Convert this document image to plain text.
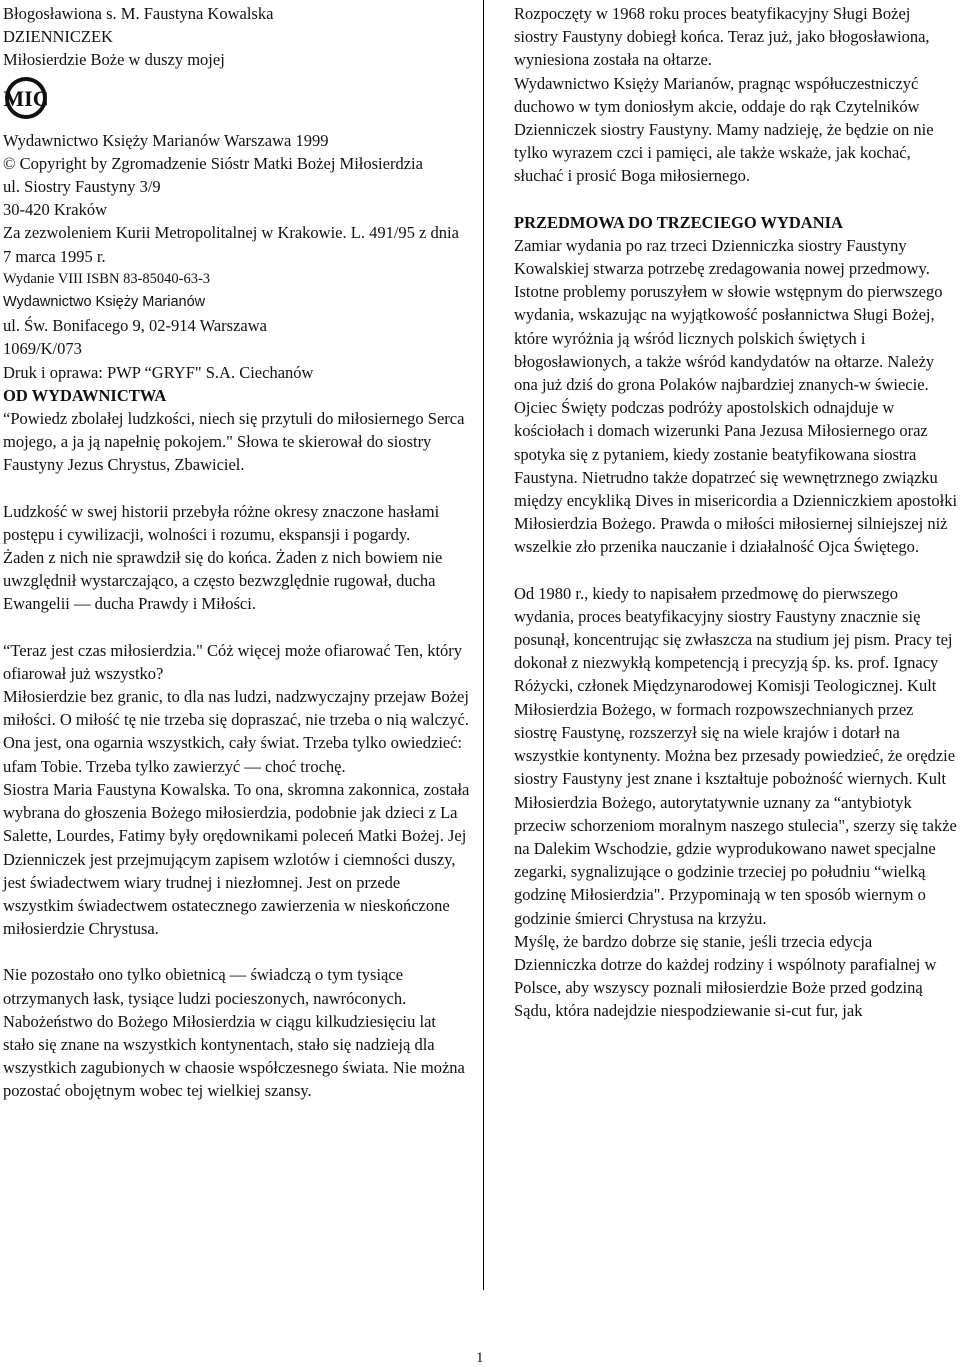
Błogosławiona s. M. Faustyna Kowalska

DZIENNICZEK

Miłosierdzie Boże w duszy mojej

MIC

Wydawnictwo Księży Marianów Warszawa 1999

© Copyright by Zgromadzenie Sióstr Matki Bożej Miłosierdzia

ul. Siostry Faustyny 3/9

30-420 Kraków

Za zezwoleniem Kurii Metropolitalnej w Krakowie. L. 491/95 z dnia 7 marca 1995 r.

Wydanie VIII ISBN 83-85040-63-3

Wydawnictwo Księży Marianów

ul. Św. Bonifacego 9, 02-914 Warszawa

1069/K/073

Druk i oprawa: PWP “GRYF" S.A. Ciechanów

OD WYDAWNICTWA

“Powiedz zbolałej ludzkości, niech się przytuli do miłosiernego Serca mojego, a ja ją napełnię pokojem." Słowa te skierował do siostry Faustyny Jezus Chrystus, Zbawiciel.

Ludzkość w swej historii przebyła różne okresy znaczone hasłami postępu i cywilizacji, wolności i rozumu, ekspansji i pogardy.

Żaden z nich nie sprawdził się do końca. Żaden z nich bowiem nie uwzględnił wystarczająco, a często bezwzględnie rugował, ducha Ewangelii — ducha Prawdy i Miłości.

“Teraz jest czas miłosierdzia." Cóż więcej może ofiarować Ten, który ofiarował już wszystko?

Miłosierdzie bez granic, to dla nas ludzi, nadzwyczajny przejaw Bożej miłości. O miłość tę nie trzeba się dopraszać, nie trzeba o nią walczyć. Ona jest, ona ogarnia wszystkich, cały świat. Trzeba tylko owiedzieć: ufam Tobie. Trzeba tylko zawierzyć — choć trochę.

Siostra Maria Faustyna Kowalska. To ona, skromna zakonnica, została wybrana do głoszenia Bożego miłosierdzia, podobnie jak dzieci z La Salette, Lourdes, Fatimy były orędownikami poleceń Matki Bożej. Jej Dzienniczek jest przejmującym zapisem wzlotów i ciemności duszy, jest świadectwem wiary trudnej i niezłomnej. Jest on przede wszystkim świadectwem ostatecznego zawierzenia w nieskończone miłosierdzie Chrystusa.

Nie pozostało ono tylko obietnicą — świadczą o tym tysiące otrzymanych łask, tysiące ludzi pocieszonych, nawróconych. Nabożeństwo do Bożego Miłosierdzia w ciągu kilkudziesięciu lat stało się znane na wszystkich kontynentach, stało się nadzieją dla wszystkich zagubionych w chaosie współczesnego świata. Nie można pozostać obojętnym wobec tej wielkiej szansy.

Rozpoczęty w 1968 roku proces beatyfikacyjny Sługi Bożej siostry Faustyny dobiegł końca. Teraz już, jako błogosławiona, wyniesiona została na ołtarze.

Wydawnictwo Księży Marianów, pragnąc współuczestniczyć duchowo w tym doniosłym akcie, oddaje do rąk Czytelników Dzienniczek siostry Faustyny. Mamy nadzieję, że będzie on nie tylko wyrazem czci i pamięci, ale także wskaże, jak kochać, słuchać i prosić Boga miłosiernego.

PRZEDMOWA DO TRZECIEGO WYDANIA

Zamiar wydania po raz trzeci Dzienniczka siostry Faustyny Kowalskiej stwarza potrzebę zredagowania nowej przedmowy.

Istotne problemy poruszyłem w słowie wstępnym do pierwszego wydania, wskazując na wyjątkowość posłannictwa Sługi Bożej, które wyróżnia ją wśród licznych polskich świętych i błogosławionych, a także wśród kandydatów na ołtarze. Należy ona już dziś do grona Polaków najbardziej znanych-w świecie. Ojciec Święty podczas podróży apostolskich odnajduje w kościołach i domach wizerunki Pana Jezusa Miłosiernego oraz spotyka się z pytaniem, kiedy zostanie beatyfikowana siostra Faustyna. Nietrudno także dopatrzeć się wewnętrznego związku między encykliką Dives in misericordia a Dzienniczkiem apostołki Miłosierdzia Bożego. Prawda o miłości miłosiernej silniejszej niż wszelkie zło przenika nauczanie i działalność Ojca Świętego.

Od 1980 r., kiedy to napisałem przedmowę do pierwszego wydania, proces beatyfikacyjny siostry Faustyny znacznie się posunął, koncentrując się zwłaszcza na studium jej pism. Pracy tej dokonał z niezwykłą kompetencją i precyzją śp. ks. prof. Ignacy Różycki, członek Międzynarodowej Komisji Teologicznej. Kult Miłosierdzia Bożego, w formach rozpowszechnianych przez siostrę Faustynę, rozszerzył się na wiele krajów i dotarł na wszystkie kontynenty. Można bez przesady powiedzieć, że orędzie siostry Faustyny jest znane i kształtuje pobożność wiernych. Kult Miłosierdzia Bożego, autorytatywnie uznany za “antybiotyk przeciw schorzeniom moralnym naszego stulecia", szerzy się także na Dalekim Wschodzie, gdzie wyprodukowano nawet specjalne zegarki, sygnalizujące o godzinie trzeciej po południu “wielką godzinę Miłosierdzia". Przypominają w ten sposób wiernym o godzinie śmierci Chrystusa na krzyżu.

Myślę, że bardzo dobrze się stanie, jeśli trzecia edycja Dzienniczka dotrze do każdej rodziny i wspólnoty parafialnej w Polsce, aby wszyscy poznali miłosierdzie Boże przed godziną Sądu, która nadejdzie niespodziewanie si-cut fur, jak

1
